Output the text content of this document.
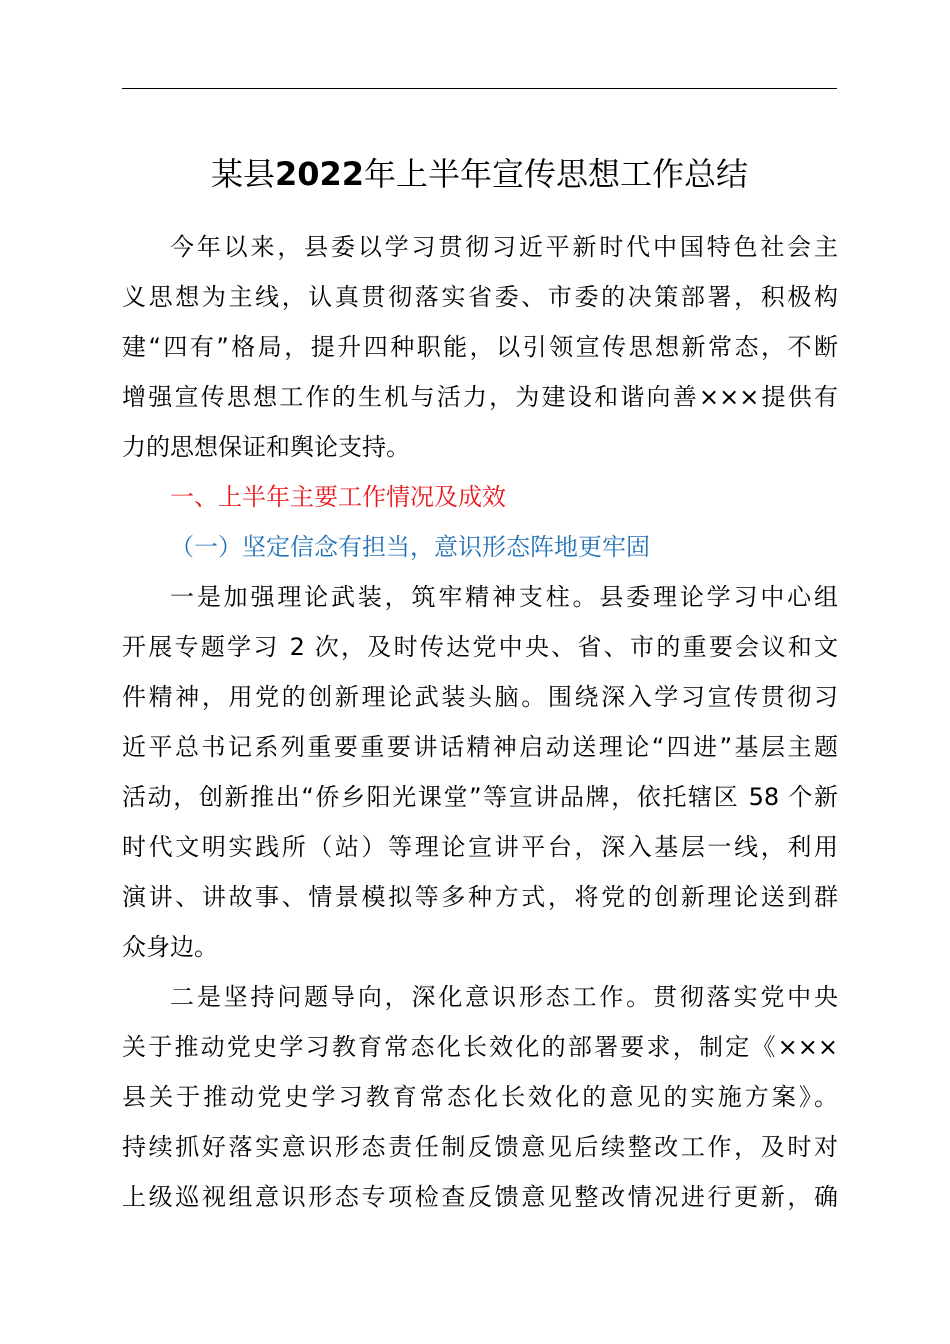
某县2022年上半年宣传思想工作总结
今年以来，县委以学习贯彻习近平新时代中国特色社会主
义思想为主线，认真贯彻落实省委、市委的决策部署，积极构
建“四有”格局，提升四种职能，以引领宣传思想新常态，不断
增强宣传思想工作的生机与活力，为建设和谐向善×××提供有
力的思想保证和舆论支持。
一、上半年主要工作情况及成效
（一）坚定信念有担当，意识形态阵地更牢固
一是加强理论武装，筑牢精神支柱。县委理论学习中心组
开展专题学习 2 次，及时传达党中央、省、市的重要会议和文
件精神，用党的创新理论武装头脑。围绕深入学习宣传贯彻习
近平总书记系列重要重要讲话精神启动送理论“四进”基层主题
活动，创新推出“侨乡阳光课堂”等宣讲品牌，依托辖区 58 个新
时代文明实践所（站）等理论宣讲平台，深入基层一线，利用
演讲、讲故事、情景模拟等多种方式，将党的创新理论送到群
众身边。
二是坚持问题导向，深化意识形态工作。贯彻落实党中央
关于推动党史学习教育常态化长效化的部署要求，制定《×××
县关于推动党史学习教育常态化长效化的意见的实施方案》。
持续抓好落实意识形态责任制反馈意见后续整改工作，及时对
上级巡视组意识形态专项检查反馈意见整改情况进行更新，确
